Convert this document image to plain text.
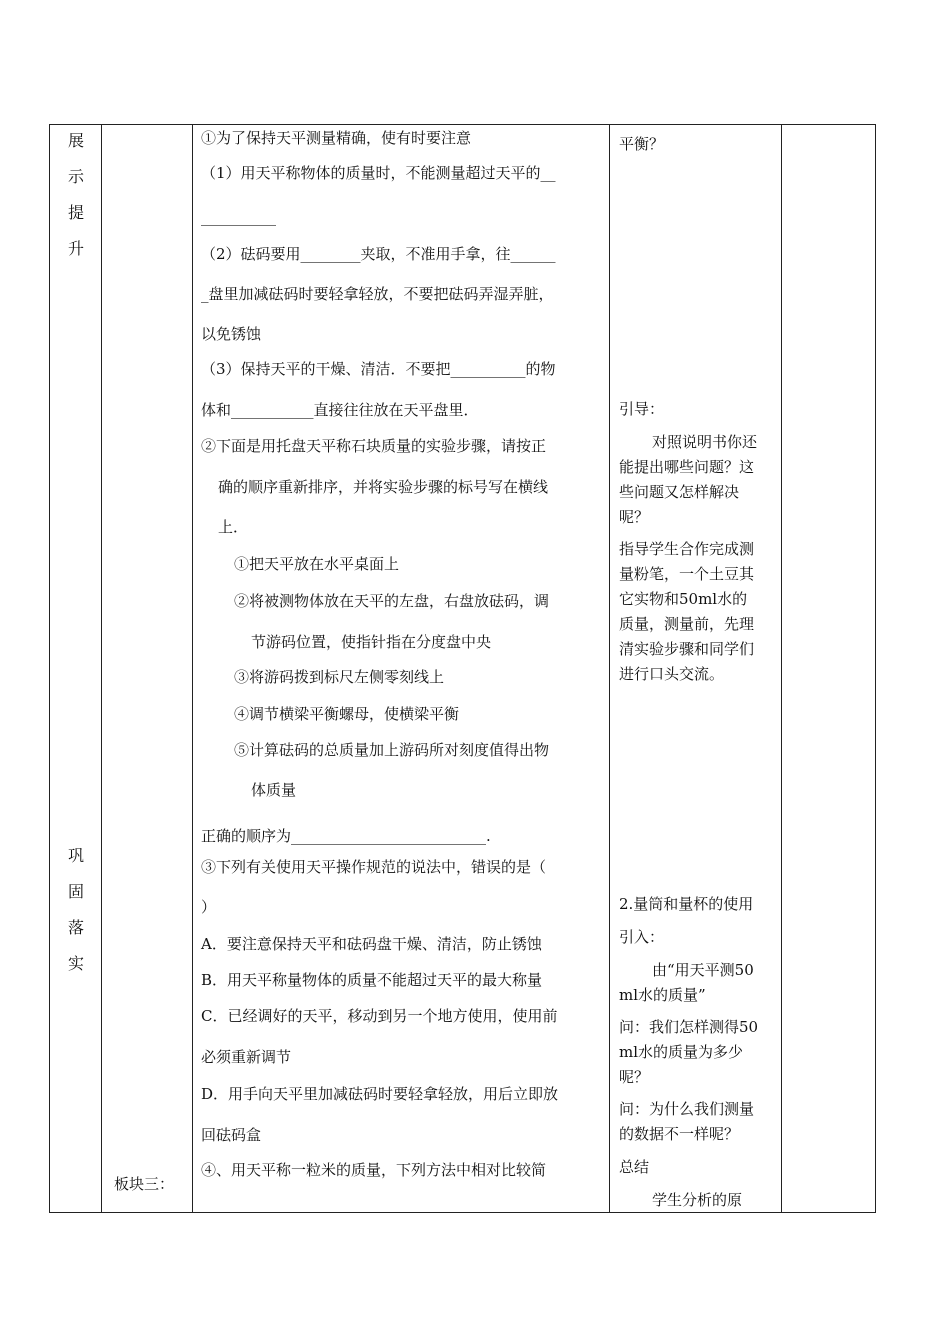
展
示
提
升
巩
固
落
实
板块三：
①为了保持天平测量精确，使有时要注意
（1）用天平称物体的质量时，不能测量超过天平的__
__________
（2）砝码要用________夹取，不准用手拿，往______
_盘里加减砝码时要轻拿轻放，不要把砝码弄湿弄脏，
以免锈蚀
（3）保持天平的干燥、清洁．不要把__________的物
体和___________直接往往放在天平盘里．
②下面是用托盘天平称石块质量的实验步骤，请按正
确的顺序重新排序，并将实验步骤的标号写在横线
上．
①把天平放在水平桌面上
②将被测物体放在天平的左盘，右盘放砝码，调
节游码位置，使指针指在分度盘中央
③将游码拨到标尺左侧零刻线上
④调节横梁平衡螺母，使横梁平衡
⑤计算砝码的总质量加上游码所对刻度值得出物
体质量
正确的顺序为__________________________.
③下列有关使用天平操作规范的说法中，错误的是（
）
A．要注意保持天平和砝码盘干燥、清洁，防止锈蚀
B．用天平称量物体的质量不能超过天平的最大称量
C．已经调好的天平，移动到另一个地方使用，使用前
必须重新调节
D．用手向天平里加减砝码时要轻拿轻放，用后立即放
回砝码盒
④、用天平称一粒米的质量，下列方法中相对比较简
平衡？
引导：
对照说明书你还
能提出哪些问题？这
些问题又怎样解决
呢？
指导学生合作完成测
量粉笔，一个土豆其
它实物和50ml水的
质量，测量前，先理
清实验步骤和同学们
进行口头交流。
2.量筒和量杯的使用
引入：
由“用天平测50
ml水的质量”
问：我们怎样测得50
ml水的质量为多少
呢？
问：为什么我们测量
的数据不一样呢？
总结
学生分析的原
